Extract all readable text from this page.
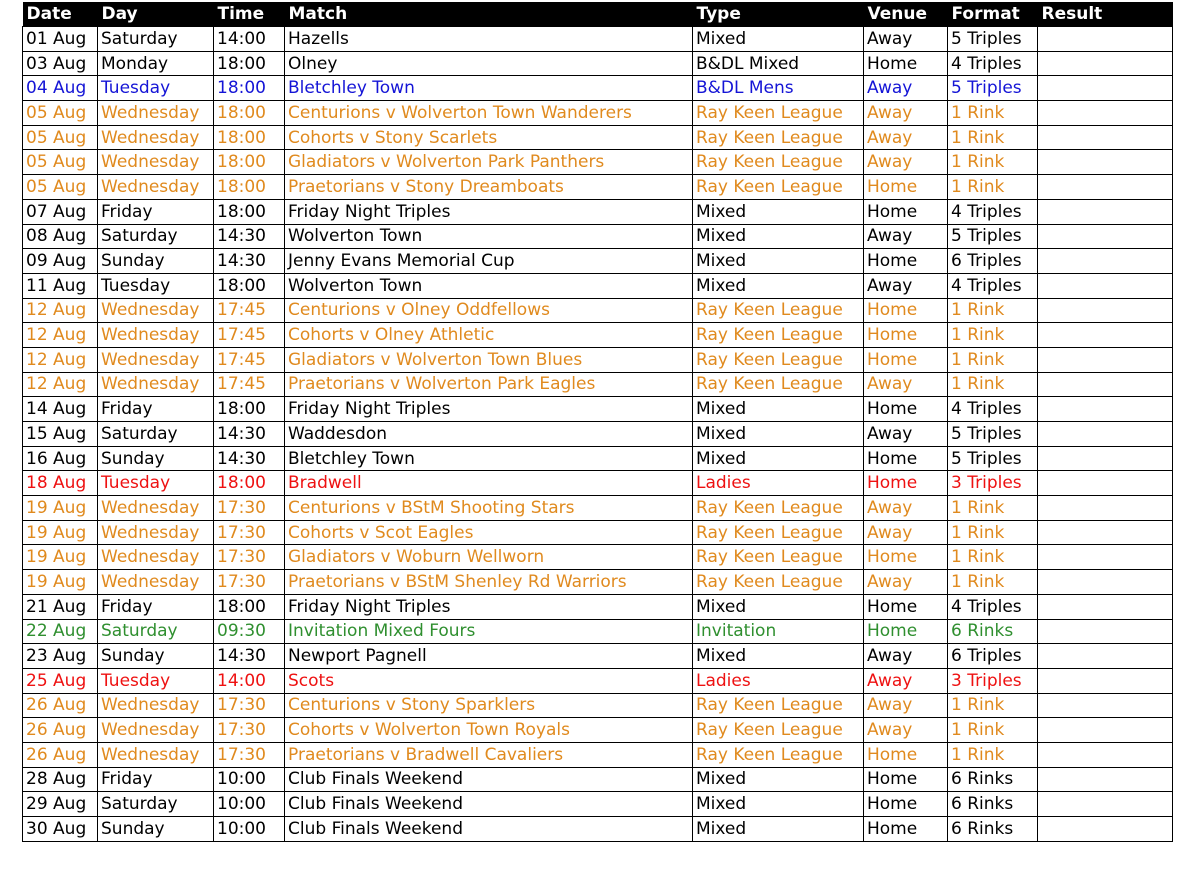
Date	Day	Time	Match	Type	Venue	Format	Result
01 Aug	Saturday	14:00	Hazells	Mixed	Away	5 Triples	
03 Aug	Monday	18:00	Olney	B&DL Mixed	Home	4 Triples	
04 Aug	Tuesday	18:00	Bletchley Town	B&DL Mens	Away	5 Triples	
05 Aug	Wednesday	18:00	Centurions v Wolverton Town Wanderers	Ray Keen League	Away	1 Rink	
05 Aug	Wednesday	18:00	Cohorts v Stony Scarlets	Ray Keen League	Away	1 Rink	
05 Aug	Wednesday	18:00	Gladiators v Wolverton Park Panthers	Ray Keen League	Away	1 Rink	
05 Aug	Wednesday	18:00	Praetorians v Stony Dreamboats	Ray Keen League	Home	1 Rink	
07 Aug	Friday	18:00	Friday Night Triples	Mixed	Home	4 Triples	
08 Aug	Saturday	14:30	Wolverton Town	Mixed	Away	5 Triples	
09 Aug	Sunday	14:30	Jenny Evans Memorial Cup	Mixed	Home	6 Triples	
11 Aug	Tuesday	18:00	Wolverton Town	Mixed	Away	4 Triples	
12 Aug	Wednesday	17:45	Centurions v Olney Oddfellows	Ray Keen League	Home	1 Rink	
12 Aug	Wednesday	17:45	Cohorts v Olney Athletic	Ray Keen League	Home	1 Rink	
12 Aug	Wednesday	17:45	Gladiators v Wolverton Town Blues	Ray Keen League	Home	1 Rink	
12 Aug	Wednesday	17:45	Praetorians v Wolverton Park Eagles	Ray Keen League	Away	1 Rink	
14 Aug	Friday	18:00	Friday Night Triples	Mixed	Home	4 Triples	
15 Aug	Saturday	14:30	Waddesdon	Mixed	Away	5 Triples	
16 Aug	Sunday	14:30	Bletchley Town	Mixed	Home	5 Triples	
18 Aug	Tuesday	18:00	Bradwell	Ladies	Home	3 Triples	
19 Aug	Wednesday	17:30	Centurions v BStM Shooting Stars	Ray Keen League	Away	1 Rink	
19 Aug	Wednesday	17:30	Cohorts v Scot Eagles	Ray Keen League	Away	1 Rink	
19 Aug	Wednesday	17:30	Gladiators v Woburn Wellworn	Ray Keen League	Home	1 Rink	
19 Aug	Wednesday	17:30	Praetorians v BStM Shenley Rd Warriors	Ray Keen League	Away	1 Rink	
21 Aug	Friday	18:00	Friday Night Triples	Mixed	Home	4 Triples	
22 Aug	Saturday	09:30	Invitation Mixed Fours	Invitation	Home	6 Rinks	
23 Aug	Sunday	14:30	Newport Pagnell	Mixed	Away	6 Triples	
25 Aug	Tuesday	14:00	Scots	Ladies	Away	3 Triples	
26 Aug	Wednesday	17:30	Centurions v Stony Sparklers	Ray Keen League	Away	1 Rink	
26 Aug	Wednesday	17:30	Cohorts v Wolverton Town Royals	Ray Keen League	Away	1 Rink	
26 Aug	Wednesday	17:30	Praetorians v Bradwell Cavaliers	Ray Keen League	Home	1 Rink	
28 Aug	Friday	10:00	Club Finals Weekend	Mixed	Home	6 Rinks	
29 Aug	Saturday	10:00	Club Finals Weekend	Mixed	Home	6 Rinks	
30 Aug	Sunday	10:00	Club Finals Weekend	Mixed	Home	6 Rinks	
